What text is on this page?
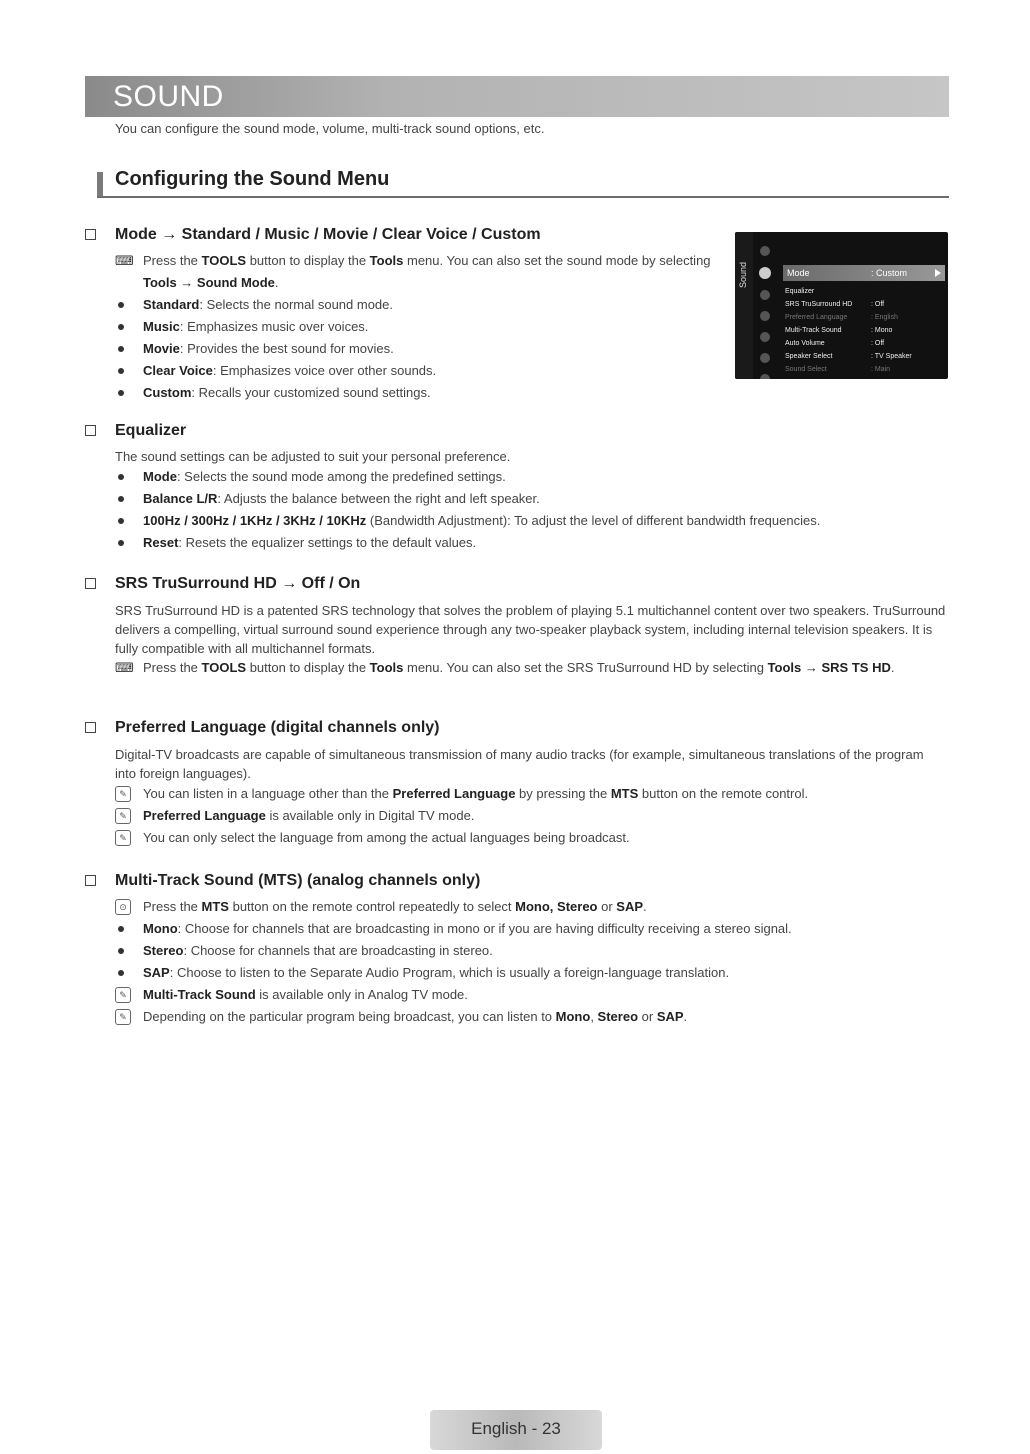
SOUND
You can configure the sound mode, volume, multi-track sound options, etc.
Configuring the Sound Menu
Mode → Standard / Music / Movie / Clear Voice / Custom
⌨ Press the TOOLS button to display the Tools menu. You can also set the sound mode by selecting Tools → Sound Mode.
Standard: Selects the normal sound mode.
Music: Emphasizes music over voices.
Movie: Provides the best sound for movies.
Clear Voice: Emphasizes voice over other sounds.
Custom: Recalls your customized sound settings.
Sound	Mode	: Custom
Equalizer
SRS TruSurround HD	: Off
Preferred Language	: English
Multi-Track Sound	: Mono
Auto Volume	: Off
Speaker Select	: TV Speaker
Sound Select	: Main
Equalizer
The sound settings can be adjusted to suit your personal preference.
Mode: Selects the sound mode among the predefined settings.
Balance L/R: Adjusts the balance between the right and left speaker.
100Hz / 300Hz / 1KHz / 3KHz / 10KHz (Bandwidth Adjustment): To adjust the level of different bandwidth frequencies.
Reset: Resets the equalizer settings to the default values.
SRS TruSurround HD → Off / On
SRS TruSurround HD is a patented SRS technology that solves the problem of playing 5.1 multichannel content over two speakers. TruSurround delivers a compelling, virtual surround sound experience through any two-speaker playback system, including internal television speakers. It is fully compatible with all multichannel formats.
⌨ Press the TOOLS button to display the Tools menu. You can also set the SRS TruSurround HD by selecting Tools → SRS TS HD.
Preferred Language (digital channels only)
Digital-TV broadcasts are capable of simultaneous transmission of many audio tracks (for example, simultaneous translations of the program into foreign languages).
✎	You can listen in a language other than the Preferred Language by pressing the MTS button on the remote control.
✎	Preferred Language is available only in Digital TV mode.
✎	You can only select the language from among the actual languages being broadcast.
Multi-Track Sound (MTS) (analog channels only)
⊙	Press the MTS button on the remote control repeatedly to select Mono, Stereo or SAP.
Mono: Choose for channels that are broadcasting in mono or if you are having difficulty receiving a stereo signal.
Stereo: Choose for channels that are broadcasting in stereo.
SAP: Choose to listen to the Separate Audio Program, which is usually a foreign-language translation.
✎	Multi-Track Sound is available only in Analog TV mode.
✎	Depending on the particular program being broadcast, you can listen to Mono, Stereo or SAP.
English - 23
